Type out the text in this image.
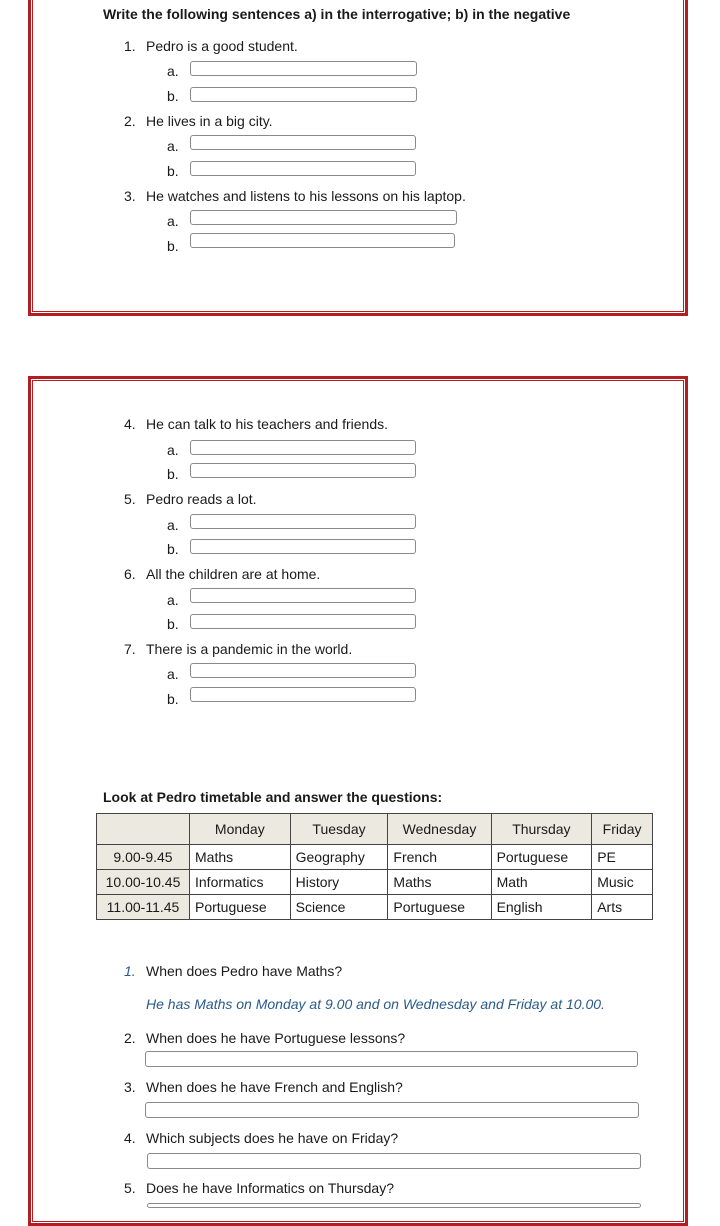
Write the following sentences a) in the interrogative; b) in the negative
1. Pedro is a good student.
a.
b.
2. He lives in a big city.
a.
b.
3. He watches and listens to his lessons on his laptop.
a.
b.
4. He can talk to his teachers and friends.
a.
b.
5. Pedro reads a lot.
a.
b.
6. All the children are at home.
a.
b.
7. There is a pandemic in the world.
a.
b.
Look at Pedro timetable and answer the questions:
	Monday	Tuesday	Wednesday	Thursday	Friday
9.00-9.45	Maths	Geography	French	Portuguese	PE
10.00-10.45	Informatics	History	Maths	Math	Music
11.00-11.45	Portuguese	Science	Portuguese	English	Arts
1. When does Pedro have Maths?
He has Maths on Monday at 9.00 and on Wednesday and Friday at 10.00.
2. When does he have Portuguese lessons?
3. When does he have French and English?
4. Which subjects does he have on Friday?
5. Does he have Informatics on Thursday?
